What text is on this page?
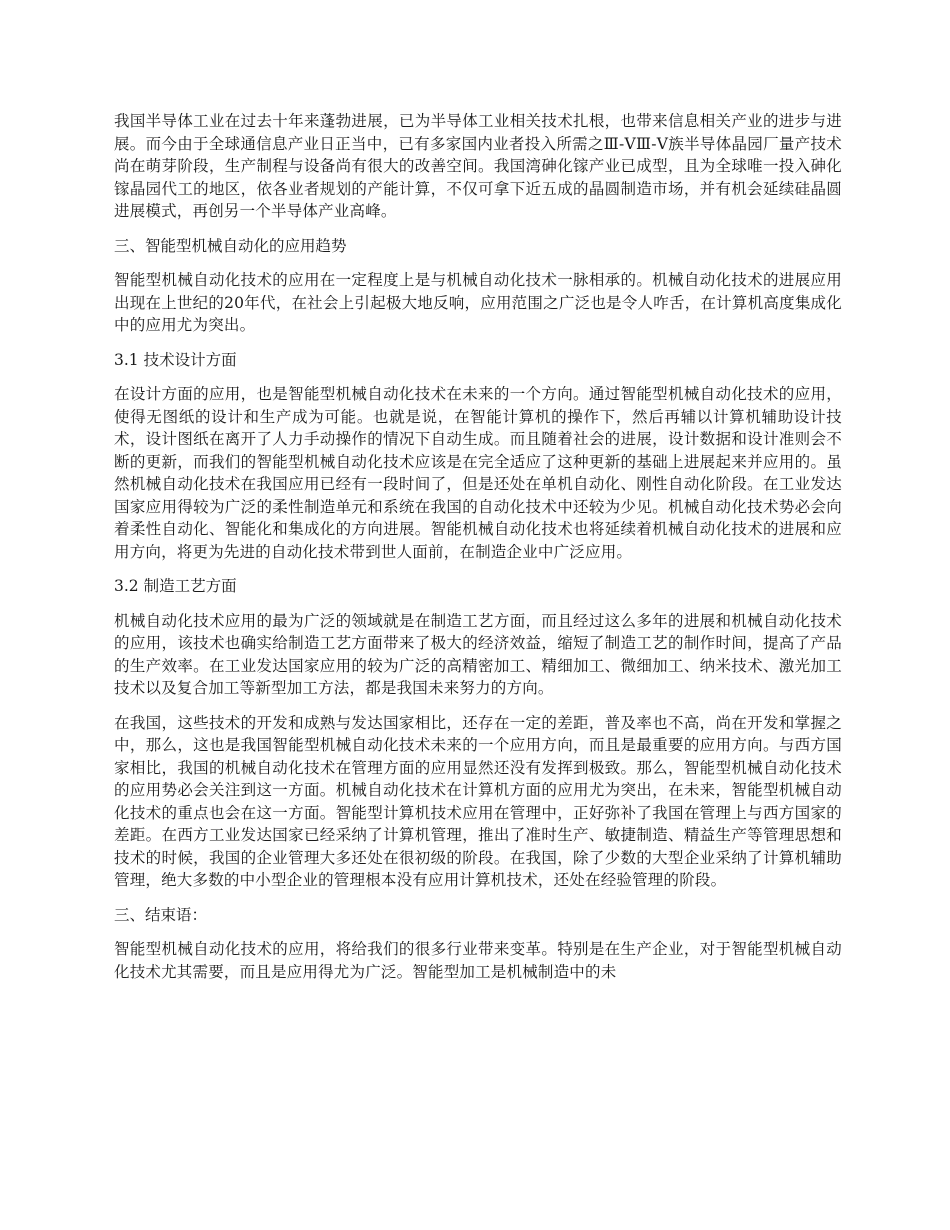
我国半导体工业在过去十年来蓬勃进展，已为半导体工业相关技术扎根，也带来信息相关产业的进步与进展。而今由于全球通信息产业日正当中，已有多家国内业者投入所需之Ⅲ-ⅤⅢ-Ⅴ族半导体晶园厂量产技术尚在萌芽阶段，生产制程与设备尚有很大的改善空间。我国湾砷化镓产业已成型，且为全球唯一投入砷化镓晶园代工的地区，依各业者规划的产能计算，不仅可拿下近五成的晶圆制造市场，并有机会延续硅晶圆进展模式，再创另一个半导体产业高峰。

三、智能型机械自动化的应用趋势

智能型机械自动化技术的应用在一定程度上是与机械自动化技术一脉相承的。机械自动化技术的进展应用出现在上世纪的20年代，在社会上引起极大地反响，应用范围之广泛也是令人咋舌，在计算机高度集成化中的应用尤为突出。

3.1 技术设计方面

在设计方面的应用，也是智能型机械自动化技术在未来的一个方向。通过智能型机械自动化技术的应用，使得无图纸的设计和生产成为可能。也就是说，在智能计算机的操作下，然后再辅以计算机辅助设计技术，设计图纸在离开了人力手动操作的情况下自动生成。而且随着社会的进展，设计数据和设计准则会不断的更新，而我们的智能型机械自动化技术应该是在完全适应了这种更新的基础上进展起来并应用的。虽然机械自动化技术在我国应用已经有一段时间了，但是还处在单机自动化、刚性自动化阶段。在工业发达国家应用得较为广泛的柔性制造单元和系统在我国的自动化技术中还较为少见。机械自动化技术势必会向着柔性自动化、智能化和集成化的方向进展。智能机械自动化技术也将延续着机械自动化技术的进展和应用方向，将更为先进的自动化技术带到世人面前，在制造企业中广泛应用。

3.2 制造工艺方面

机械自动化技术应用的最为广泛的领域就是在制造工艺方面，而且经过这么多年的进展和机械自动化技术的应用，该技术也确实给制造工艺方面带来了极大的经济效益，缩短了制造工艺的制作时间，提高了产品的生产效率。在工业发达国家应用的较为广泛的高精密加工、精细加工、微细加工、纳米技术、激光加工技术以及复合加工等新型加工方法，都是我国未来努力的方向。

在我国，这些技术的开发和成熟与发达国家相比，还存在一定的差距，普及率也不高，尚在开发和掌握之中，那么，这也是我国智能型机械自动化技术未来的一个应用方向，而且是最重要的应用方向。与西方国家相比，我国的机械自动化技术在管理方面的应用显然还没有发挥到极致。那么，智能型机械自动化技术的应用势必会关注到这一方面。机械自动化技术在计算机方面的应用尤为突出，在未来，智能型机械自动化技术的重点也会在这一方面。智能型计算机技术应用在管理中，正好弥补了我国在管理上与西方国家的差距。在西方工业发达国家已经采纳了计算机管理，推出了准时生产、敏捷制造、精益生产等管理思想和技术的时候，我国的企业管理大多还处在很初级的阶段。在我国，除了少数的大型企业采纳了计算机辅助管理，绝大多数的中小型企业的管理根本没有应用计算机技术，还处在经验管理的阶段。

三、结束语：

智能型机械自动化技术的应用，将给我们的很多行业带来变革。特别是在生产企业，对于智能型机械自动化技术尤其需要，而且是应用得尤为广泛。智能型加工是机械制造中的未
